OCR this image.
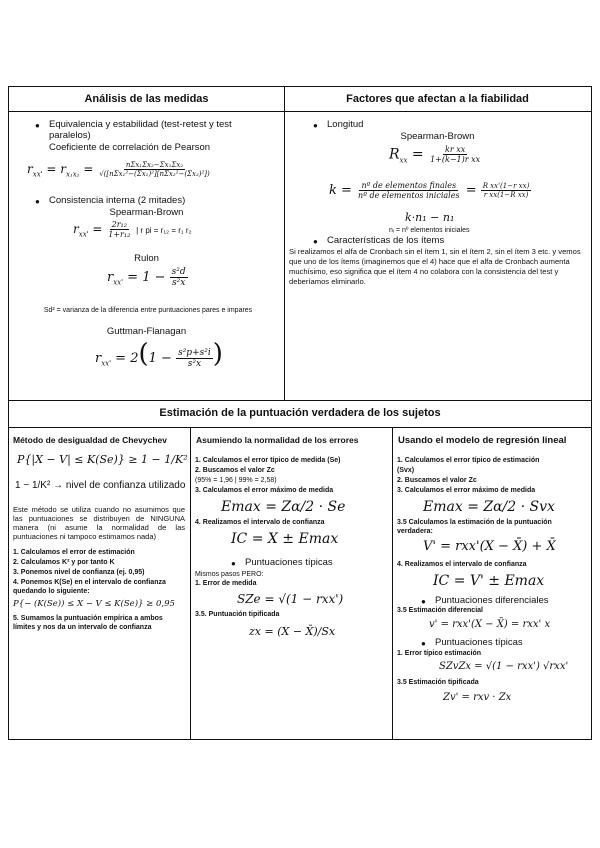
Análisis de las medidas	Factores que afectan a la fiabilidad
Estimación de la puntuación verdadera de los sujetos
Método de desigualdad de Chevychev	Asumiendo la normalidad de los errores	Usando el modelo de regresión lineal
● Equivalencia y estabilidad (test-retest y test
paralelos)
Coeficiente de correlación de Pearson
$r_{xx'} = r_{x_1x_2} = \frac{\text{nΣx₁Σx₂−Σx₁Σx₂}}{\text{√([nΣx₁²−(Σx₁)²][nΣx₂²−(Σx₂)²])}}$
● Consistencia interna (2 mitades)
Spearman-Brown
$r_{xx'} = \frac{\text{2r₁₂}}{\text{1+r₁₂}}$ | r pi = r₁₂ = r₁ r₂
Rulon
$r_{xx'} = 1 - \frac{\text{s²d}}{\text{s²x}}$
Sd² = varianza de la diferencia entre puntuaciones pares e impares
Guttman-Flanagan
$r_{xx'} = 2(1 - \frac{\text{s²p+s²i}}{\text{s²x}}$ )
● Longitud
Spearman-Brown
$R_{xx} = \frac{\text{kr xx}}{\text{1+(k−1)r xx}}$
$k = \frac{\text{nº de elementos finales}}{\text{nº de elementos iniciales}} = \frac{\text{R xx'(1−r xx)}}{\text{r xx(1−R xx)}}$
k·n₁ − n₁
nᵢ = nº elementos iniciales
● Características de los ítems
Si realizamos el alfa de Cronbach sin el ítem 1, sin el ítem 2, sin el ítem 3 etc. y vemos que uno de los ítems (imaginemos que el 4) hace que el alfa de Cronbach aumenta muchísimo, eso significa que el ítem 4 no colabora con la consistencia del test y deberíamos eliminarlo.
P{|X − V| ≤ K(Se)} ≥ 1 − 1/K²
1 − 1/K² → nivel de confianza utilizado
Este método se utiliza cuando no asumimos que las puntuaciones se distribuyen de NINGUNA manera (ni asume la normalidad de las puntuaciones ni tampoco estimamos nada)
1. Calculamos el error de estimación
2. Calculamos K² y por tanto K
3. Ponemos nivel de confianza (ej. 0,95)
4. Ponemos K(Se) en el intervalo de confianza quedando lo siguiente:
P{− (K(Se)) ≤ X − V ≤ K(Se)} ≥ 0,95
5. Sumamos la puntuación empírica a ambos límites y nos da un intervalo de confianza
1. Calculamos el error típico de medida (Se)
2. Buscamos el valor Zc
(95% = 1,96 | 99% = 2,58)
3. Calculamos el error máximo de medida
Emax = Zα/2 · Se
4. Realizamos el intervalo de confianza
IC = X ± Emax
● Puntuaciones típicas
Mismos pasos PERO:
1. Error de medida
SZe = √(1 − rxx')
3.5. Puntuación tipificada
zx = (X − X̄)/Sx
1. Calculamos el error típico de estimación
(Svx)
2. Buscamos el valor Zc
3. Calculamos el error máximo de medida
Emax = Zα/2 · Svx
3.5 Calculamos la estimación de la puntuación verdadera:
V' = rxx'(X − X̄) + X̄
4. Realizamos el intervalo de confianza
IC = V' ± Emax
● Puntuaciones diferenciales
3.5 Estimación diferencial
v' = rxx'(X − X̄) = rxx' x
● Puntuaciones típicas
1. Error típico estimación
SZvZx = √(1 − rxx') √rxx'
3.5 Estimación tipificada
Zv' = rxv · Zx
